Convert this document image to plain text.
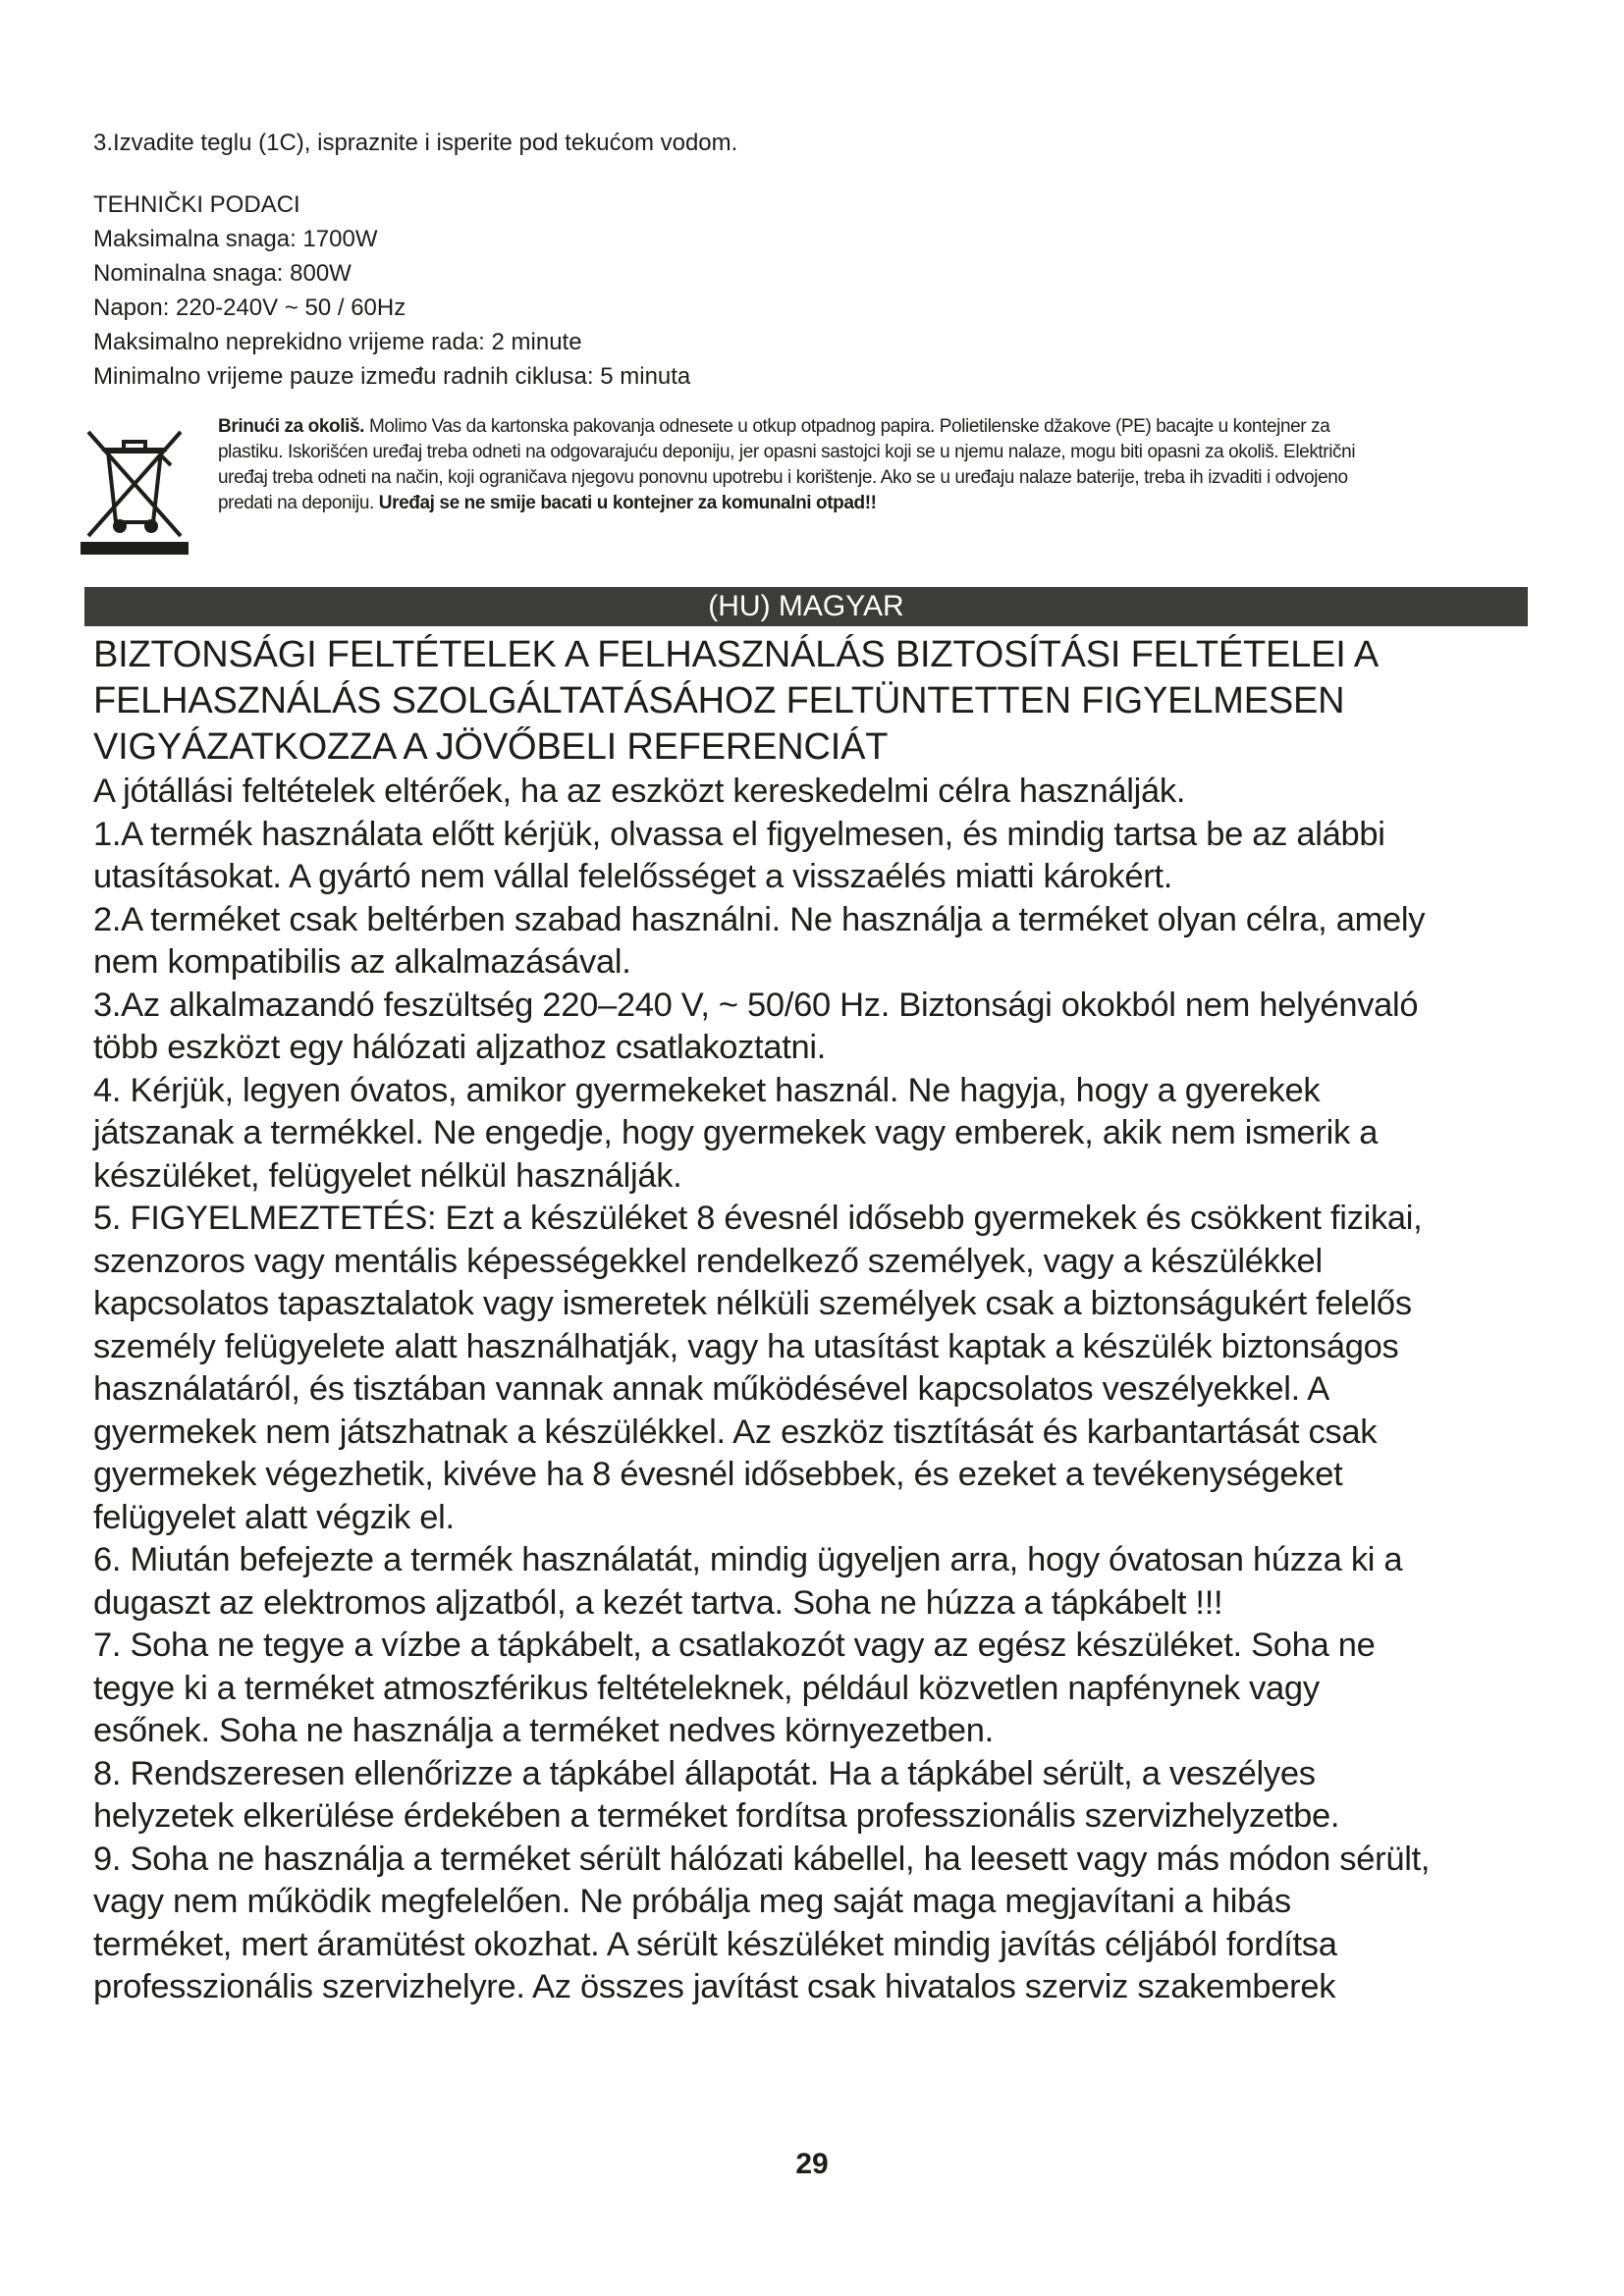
3.Izvadite teglu (1C), ispraznite i isperite pod tekućom vodom.
TEHNIČKI PODACI
Maksimalna snaga: 1700W
Nominalna snaga: 800W
Napon: 220-240V ~ 50 / 60Hz
Maksimalno neprekidno vrijeme rada: 2 minute
Minimalno vrijeme pauze između radnih ciklusa: 5 minuta
Brinući za okoliš. Molimo Vas da kartonska pakovanja odnesete u otkup otpadnog papira. Polietilenske džakove (PE) bacajte u kontejner za
plastiku. Iskorišćen uređaj treba odneti na odgovarajuću deponiju, jer opasni sastojci koji se u njemu nalaze, mogu biti opasni za okoliš. Električni
uređaj treba odneti na način, koji ograničava njegovu ponovnu upotrebu i korištenje. Ako se u uređaju nalaze baterije, treba ih izvaditi i odvojeno
predati na deponiju. Uređaj se ne smije bacati u kontejner za komunalni otpad!!
(HU) MAGYAR
BIZTONSÁGI FELTÉTELEK A FELHASZNÁLÁS BIZTOSÍTÁSI FELTÉTELEI A
FELHASZNÁLÁS SZOLGÁLTATÁSÁHOZ FELTÜNTETTEN FIGYELMESEN
VIGYÁZATKOZZA A JÖVŐBELI REFERENCIÁT
A jótállási feltételek eltérőek, ha az eszközt kereskedelmi célra használják.
1.A termék használata előtt kérjük, olvassa el figyelmesen, és mindig tartsa be az alábbi
utasításokat. A gyártó nem vállal felelősséget a visszaélés miatti károkért.
2.A terméket csak beltérben szabad használni. Ne használja a terméket olyan célra, amely
nem kompatibilis az alkalmazásával.
3.Az alkalmazandó feszültség 220–240 V, ~ 50/60 Hz. Biztonsági okokból nem helyénvaló
több eszközt egy hálózati aljzathoz csatlakoztatni.
4. Kérjük, legyen óvatos, amikor gyermekeket használ. Ne hagyja, hogy a gyerekek
játszanak a termékkel. Ne engedje, hogy gyermekek vagy emberek, akik nem ismerik a
készüléket, felügyelet nélkül használják.
5. FIGYELMEZTETÉS: Ezt a készüléket 8 évesnél idősebb gyermekek és csökkent fizikai,
szenzoros vagy mentális képességekkel rendelkező személyek, vagy a készülékkel
kapcsolatos tapasztalatok vagy ismeretek nélküli személyek csak a biztonságukért felelős
személy felügyelete alatt használhatják, vagy ha utasítást kaptak a készülék biztonságos
használatáról, és tisztában vannak annak működésével kapcsolatos veszélyekkel. A
gyermekek nem játszhatnak a készülékkel. Az eszköz tisztítását és karbantartását csak
gyermekek végezhetik, kivéve ha 8 évesnél idősebbek, és ezeket a tevékenységeket
felügyelet alatt végzik el.
6. Miután befejezte a termék használatát, mindig ügyeljen arra, hogy óvatosan húzza ki a
dugaszt az elektromos aljzatból, a kezét tartva. Soha ne húzza a tápkábelt !!!
7. Soha ne tegye a vízbe a tápkábelt, a csatlakozót vagy az egész készüléket. Soha ne
tegye ki a terméket atmoszférikus feltételeknek, például közvetlen napfénynek vagy
esőnek. Soha ne használja a terméket nedves környezetben.
8. Rendszeresen ellenőrizze a tápkábel állapotát. Ha a tápkábel sérült, a veszélyes
helyzetek elkerülése érdekében a terméket fordítsa professzionális szervizhelyzetbe.
9. Soha ne használja a terméket sérült hálózati kábellel, ha leesett vagy más módon sérült,
vagy nem működik megfelelően. Ne próbálja meg saját maga megjavítani a hibás
terméket, mert áramütést okozhat. A sérült készüléket mindig javítás céljából fordítsa
professzionális szervizhelyre. Az összes javítást csak hivatalos szerviz szakemberek
29
